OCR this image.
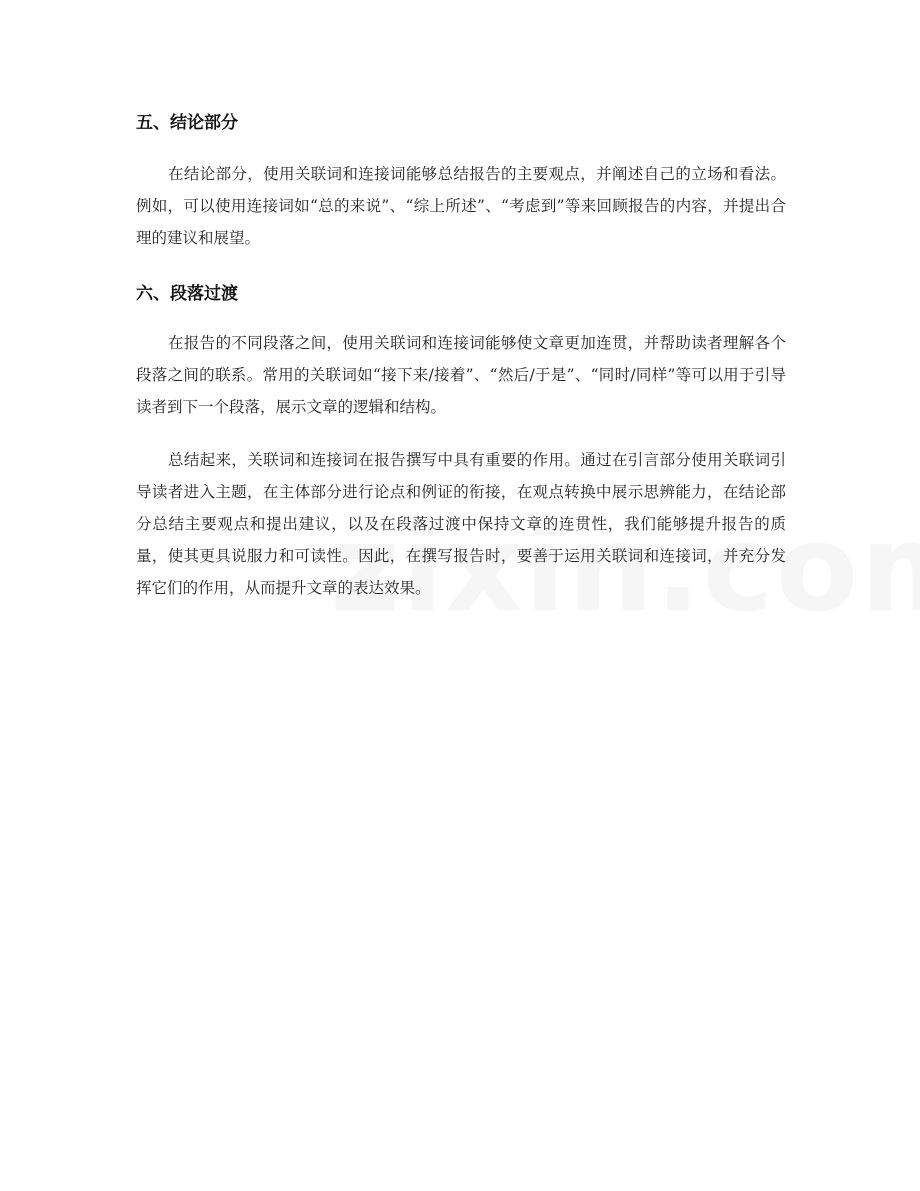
五、结论部分

在结论部分，使用关联词和连接词能够总结报告的主要观点，并阐述自己的立场和看法。例如，可以使用连接词如“总的来说”、“综上所述”、“考虑到”等来回顾报告的内容，并提出合理的建议和展望。

六、段落过渡

在报告的不同段落之间，使用关联词和连接词能够使文章更加连贯，并帮助读者理解各个段落之间的联系。常用的关联词如“接下来/接着”、“然后/于是”、“同时/同样”等可以用于引导读者到下一个段落，展示文章的逻辑和结构。

总结起来，关联词和连接词在报告撰写中具有重要的作用。通过在引言部分使用关联词引导读者进入主题，在主体部分进行论点和例证的衔接，在观点转换中展示思辨能力，在结论部分总结主要观点和提出建议，以及在段落过渡中保持文章的连贯性，我们能够提升报告的质量，使其更具说服力和可读性。因此，在撰写报告时，要善于运用关联词和连接词，并充分发挥它们的作用，从而提升文章的表达效果。
